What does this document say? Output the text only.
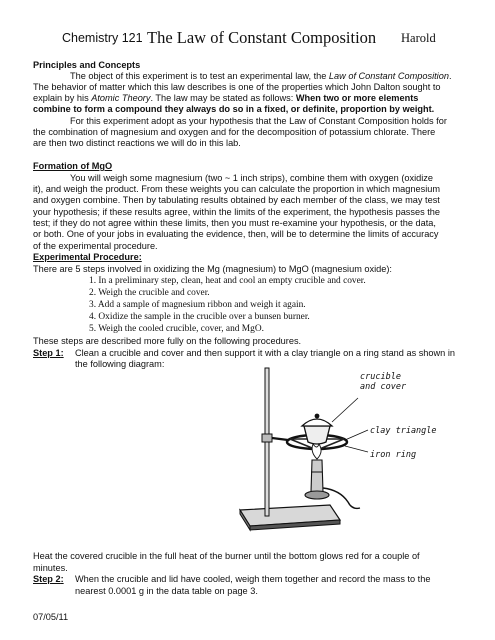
Chemistry 121 The Law of Constant Composition Harold
Principles and Concepts
The object of this experiment is to test an experimental law, the Law of Constant Composition.
The behavior of matter which this law describes is one of the properties which John Dalton sought to
explain by his Atomic Theory. The law may be stated as follows: When two or more elements
combine to form a compound they always do so in a fixed, or definite, proportion by weight.
For this experiment adopt as your hypothesis that the Law of Constant Composition holds for
the combination of magnesium and oxygen and for the decomposition of potassium chlorate. There
are then two distinct reactions we will do in this lab.
Formation of MgO
You will weigh some magnesium (two ~ 1 inch strips), combine them with oxygen (oxidize
it), and weigh the product. From these weights you can calculate the proportion in which magnesium
and oxygen combine. Then by tabulating results obtained by each member of the class, we may test
your hypothesis; if these results agree, within the limits of the experiment, the hypothesis passes the
test; if they do not agree within these limits, then you must re-examine your hypothesis, or the data,
or both. One of your jobs in evaluating the evidence, then, will be to determine the limits of accuracy
of the experimental procedure.
Experimental Procedure:
There are 5 steps involved in oxidizing the Mg (magnesium) to MgO (magnesium oxide):
1. In a preliminary step, clean, heat and cool an empty crucible and cover.
2. Weigh the crucible and cover.
3. Add a sample of magnesium ribbon and weigh it again.
4. Oxidize the sample in the crucible over a bunsen burner.
5. Weigh the cooled crucible, cover, and MgO.
These steps are described more fully on the following procedures.
Step 1: Clean a crucible and cover and then support it with a clay triangle on a ring stand as shown in
the following diagram:
crucible
and cover
clay triangle
iron ring
Heat the covered crucible in the full heat of the burner until the bottom glows red for a couple of
minutes.
Step 2: When the crucible and lid have cooled, weigh them together and record the mass to the
nearest 0.0001 g in the data table on page 3.
07/05/11
